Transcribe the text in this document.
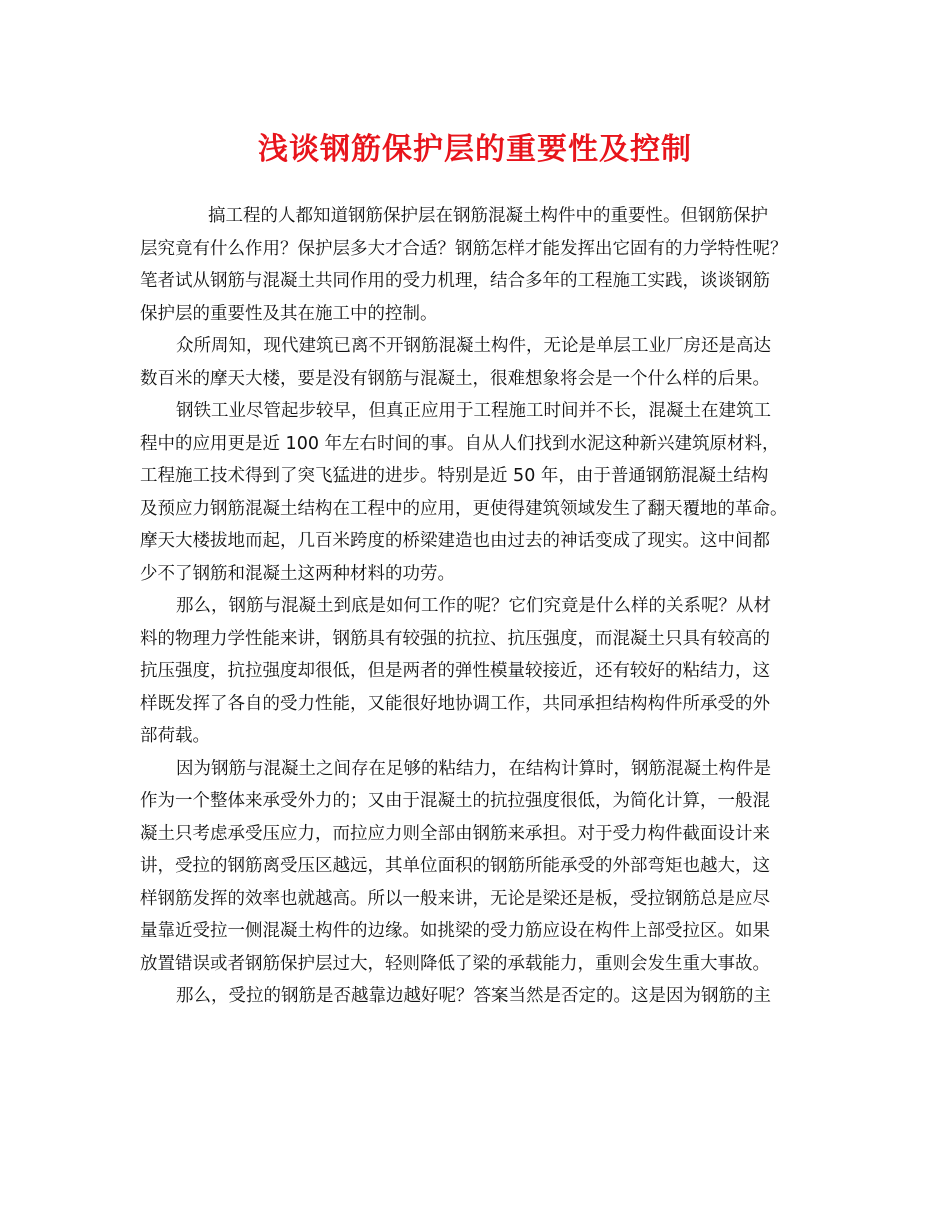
浅谈钢筋保护层的重要性及控制
搞工程的人都知道钢筋保护层在钢筋混凝土构件中的重要性。但钢筋保护
层究竟有什么作用？保护层多大才合适？钢筋怎样才能发挥出它固有的力学特性呢？
笔者试从钢筋与混凝土共同作用的受力机理，结合多年的工程施工实践，谈谈钢筋
保护层的重要性及其在施工中的控制。
众所周知，现代建筑已离不开钢筋混凝土构件，无论是单层工业厂房还是高达
数百米的摩天大楼，要是没有钢筋与混凝土，很难想象将会是一个什么样的后果。
钢铁工业尽管起步较早，但真正应用于工程施工时间并不长，混凝土在建筑工
程中的应用更是近 100 年左右时间的事。自从人们找到水泥这种新兴建筑原材料，
工程施工技术得到了突飞猛进的进步。特别是近 50 年，由于普通钢筋混凝土结构
及预应力钢筋混凝土结构在工程中的应用，更使得建筑领域发生了翻天覆地的革命。
摩天大楼拔地而起，几百米跨度的桥梁建造也由过去的神话变成了现实。这中间都
少不了钢筋和混凝土这两种材料的功劳。
那么，钢筋与混凝土到底是如何工作的呢？它们究竟是什么样的关系呢？从材
料的物理力学性能来讲，钢筋具有较强的抗拉、抗压强度，而混凝土只具有较高的
抗压强度，抗拉强度却很低，但是两者的弹性模量较接近，还有较好的粘结力，这
样既发挥了各自的受力性能，又能很好地协调工作，共同承担结构构件所承受的外
部荷载。
因为钢筋与混凝土之间存在足够的粘结力，在结构计算时，钢筋混凝土构件是
作为一个整体来承受外力的；又由于混凝土的抗拉强度很低，为简化计算，一般混
凝土只考虑承受压应力，而拉应力则全部由钢筋来承担。对于受力构件截面设计来
讲，受拉的钢筋离受压区越远，其单位面积的钢筋所能承受的外部弯矩也越大，这
样钢筋发挥的效率也就越高。所以一般来讲，无论是梁还是板，受拉钢筋总是应尽
量靠近受拉一侧混凝土构件的边缘。如挑梁的受力筋应设在构件上部受拉区。如果
放置错误或者钢筋保护层过大，轻则降低了梁的承载能力，重则会发生重大事故。
那么，受拉的钢筋是否越靠边越好呢？答案当然是否定的。这是因为钢筋的主
